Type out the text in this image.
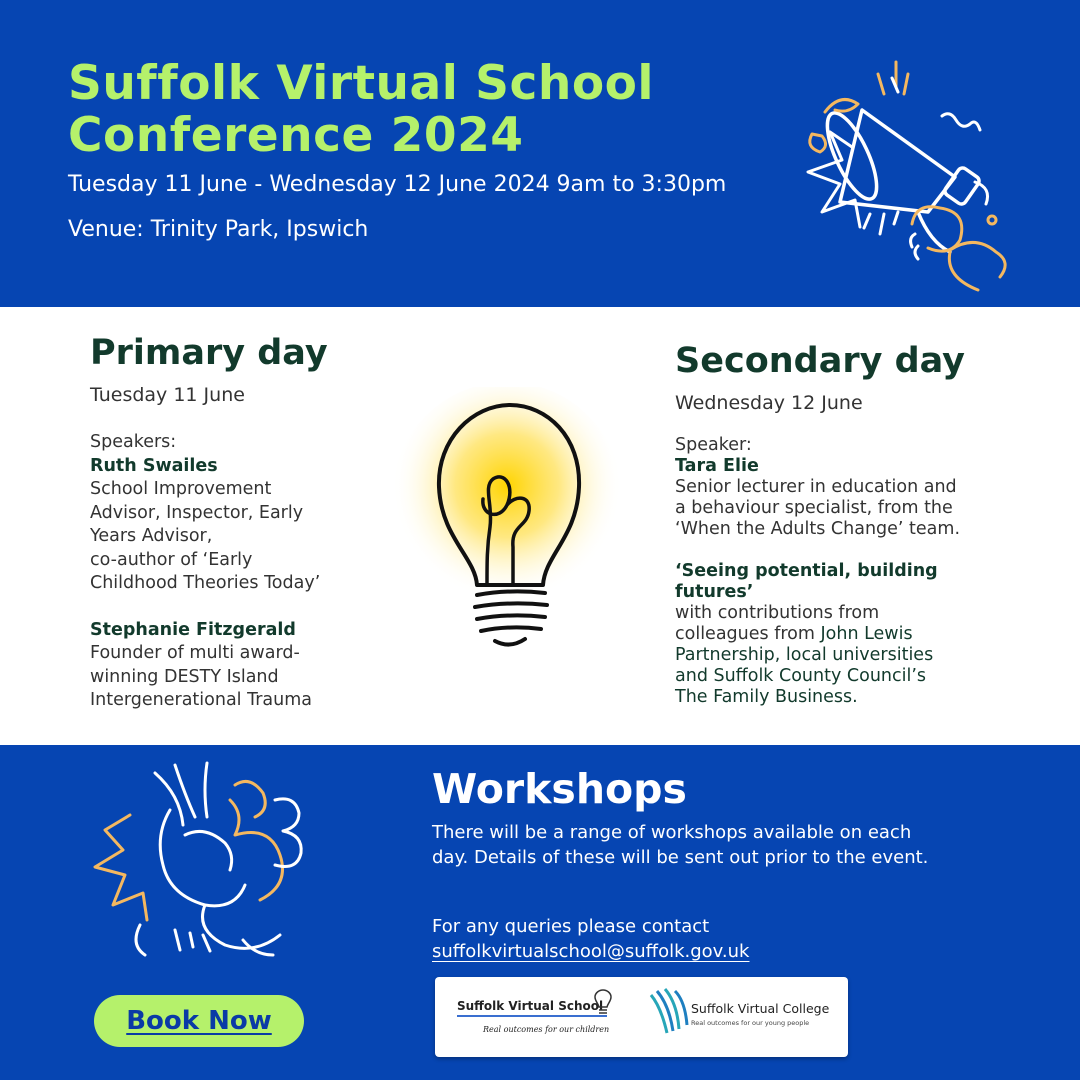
Suffolk Virtual School
Conference 2024
Tuesday 11 June - Wednesday 12 June 2024 9am to 3:30pm
Venue: Trinity Park, Ipswich
Primary day
Tuesday 11 June
Speakers:
Ruth Swailes
School Improvement
Advisor, Inspector, Early
Years Advisor,
co-author of ‘Early
Childhood Theories Today’
Stephanie Fitzgerald
Founder of multi award-
winning DESTY Island
Intergenerational Trauma
Secondary day
Wednesday 12 June
Speaker:
Tara Elie
Senior lecturer in education and
a behaviour specialist, from the
‘When the Adults Change’ team.
‘Seeing potential, building
futures’
with contributions from
colleagues from John Lewis
Partnership, local universities
and Suffolk County Council’s
The Family Business.
Workshops
There will be a range of workshops available on each day. Details of these will be sent out prior to the event.
For any queries please contact
suffolkvirtualschool@suffolk.gov.uk
Book Now	Suffolk Virtual School
Real outcomes for our children
Suffolk Virtual College
Real outcomes for our young people
